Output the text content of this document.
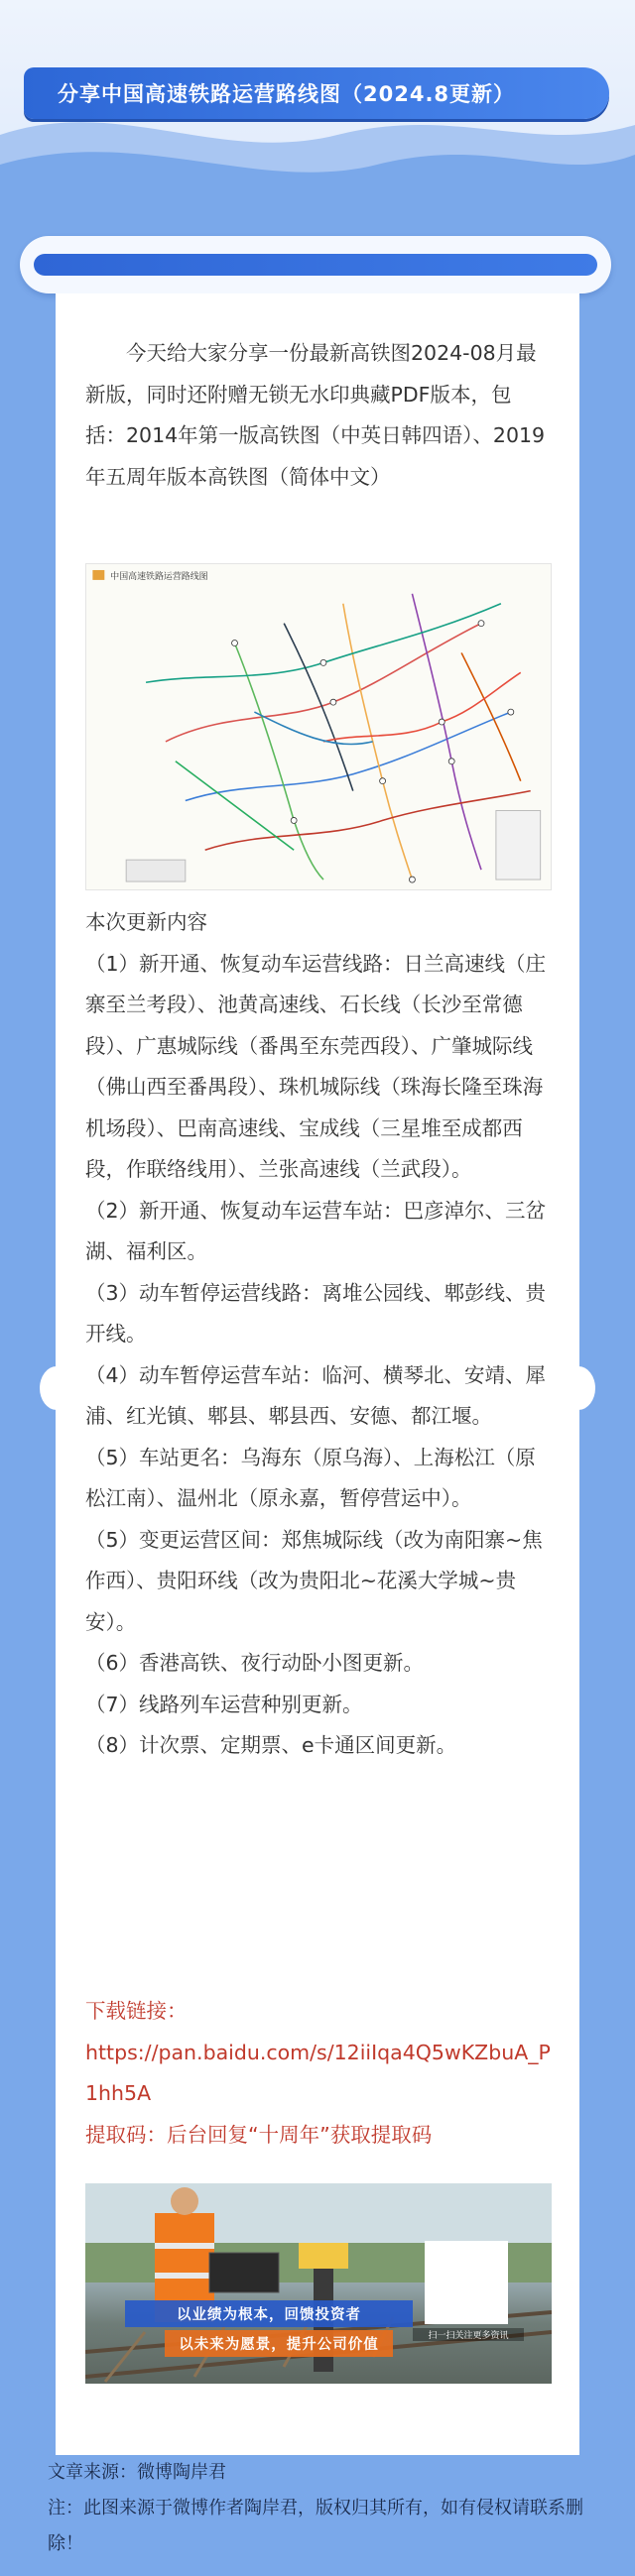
分享中国高速铁路运营路线图（2024.8更新）
今天给大家分享一份最新高铁图2024-08月最新版，同时还附赠无锁无水印典藏PDF版本，包括：2014年第一版高铁图（中英日韩四语）、2019年五周年版本高铁图（简体中文）
中国高速铁路运营路线图

本次更新内容

（1）新开通、恢复动车运营线路：日兰高速线（庄寨至兰考段）、池黄高速线、石长线（长沙至常德段）、广惠城际线（番禺至东莞西段）、广肇城际线（佛山西至番禺段）、珠机城际线（珠海长隆至珠海机场段）、巴南高速线、宝成线（三星堆至成都西段，作联络线用）、兰张高速线（兰武段）。

（2）新开通、恢复动车运营车站：巴彦淖尔、三岔湖、福利区。

（3）动车暂停运营线路：离堆公园线、郫彭线、贵开线。

（4）动车暂停运营车站：临河、横琴北、安靖、犀浦、红光镇、郫县、郫县西、安德、都江堰。

（5）车站更名：乌海东（原乌海）、上海松江（原松江南）、温州北（原永嘉，暂停营运中）。

（5）变更运营区间：郑焦城际线（改为南阳寨~焦作西）、贵阳环线（改为贵阳北~花溪大学城~贵安）。

（6）香港高铁、夜行动卧小图更新。

（7）线路列车运营种别更新。

（8）计次票、定期票、e卡通区间更新。

下载链接：

https://pan.baidu.com/s/12iiIqa4Q5wKZbuA_P1hh5A

提取码：后台回复“十周年”获取提取码

以业绩为根本，回馈投资者
以未来为愿景，提升公司价值
扫一扫关注更多资讯

文章来源：微博陶岸君

注：此图来源于微博作者陶岸君，版权归其所有，如有侵权请联系删除！
